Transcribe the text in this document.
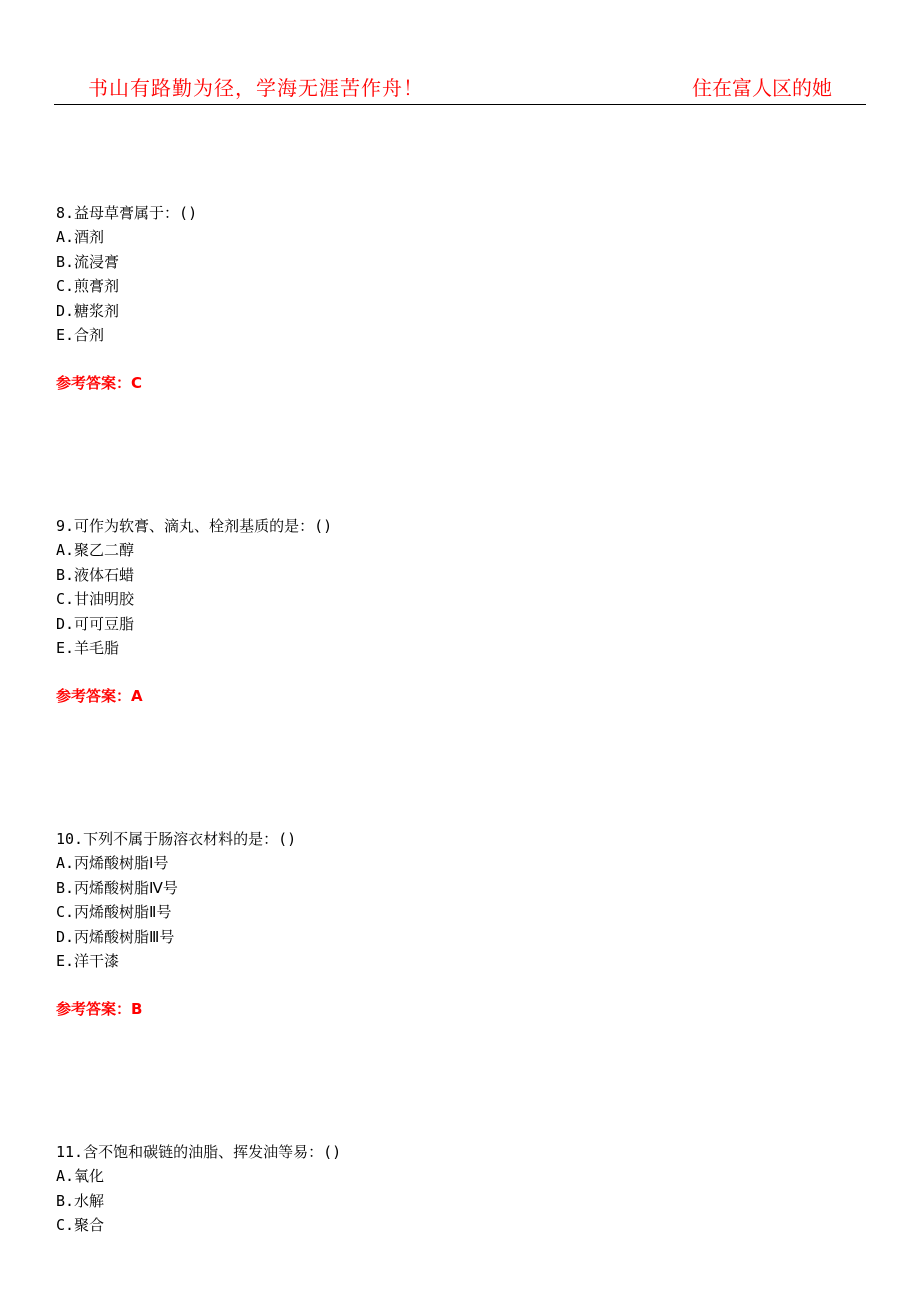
书山有路勤为径，学海无涯苦作舟！	住在富人区的她
8.益母草膏属于：()
A.酒剂
B.流浸膏
C.煎膏剂
D.糖浆剂
E.合剂
参考答案：C
9.可作为软膏、滴丸、栓剂基质的是：()
A.聚乙二醇
B.液体石蜡
C.甘油明胶
D.可可豆脂
E.羊毛脂
参考答案：A
10.下列不属于肠溶衣材料的是：()
A.丙烯酸树脂Ⅰ号
B.丙烯酸树脂Ⅳ号
C.丙烯酸树脂Ⅱ号
D.丙烯酸树脂Ⅲ号
E.洋干漆
参考答案：B
11.含不饱和碳链的油脂、挥发油等易：()
A.氧化
B.水解
C.聚合
